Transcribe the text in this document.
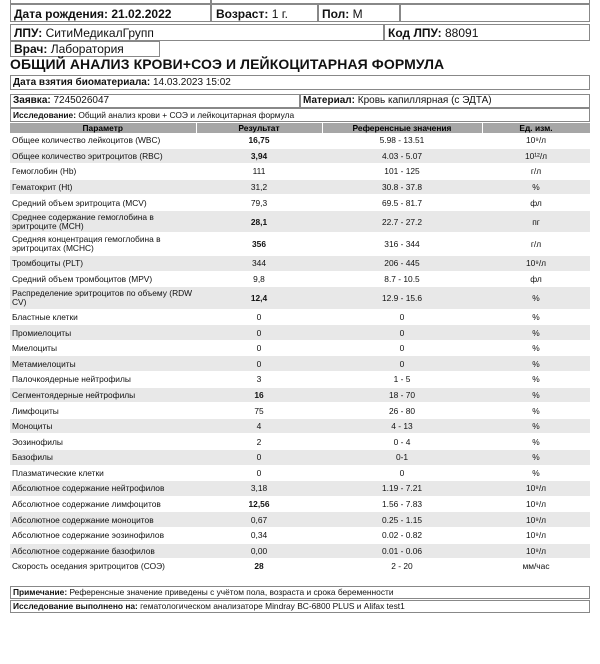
Дата рождения: 21.02.2022	Возраст: 1 г.	Пол: М
ЛПУ: СитиМедикалГрупп	Код ЛПУ: 88091
Врач: Лаборатория
ОБЩИЙ АНАЛИЗ КРОВИ+СОЭ И ЛЕЙКОЦИТАРНАЯ ФОРМУЛА
Дата взятия биоматериала: 14.03.2023 15:02
Заявка: 7245026047	Материал: Кровь капиллярная (с ЭДТА)
Исследование: Общий анализ крови + СОЭ и лейкоцитарная формула
Параметр	Результат	Референсные значения	Ед. изм.
Общее количество лейкоцитов (WBC)	16,75	5.98 - 13.51	10⁹/л
Общее количество эритроцитов (RBC)	3,94	4.03 - 5.07	10¹²/л
Гемоглобин (Hb)	111	101 - 125	г/л
Гематокрит (Ht)	31,2	30.8 - 37.8	%
Средний объем эритроцита (MCV)	79,3	69.5 - 81.7	фл
Среднее содержание гемоглобина в эритроците (MCH)	28,1	22.7 - 27.2	пг
Средняя концентрация гемоглобина в эритроцитах (MCHC)	356	316 - 344	г/л
Тромбоциты (PLT)	344	206 - 445	10⁹/л
Средний объем тромбоцитов (MPV)	9,8	8.7 - 10.5	фл
Распределение эритроцитов по объему (RDW CV)	12,4	12.9 - 15.6	%
Бластные клетки	0	0	%
Промиелоциты	0	0	%
Миелоциты	0	0	%
Метамиелоциты	0	0	%
Палочкоядерные нейтрофилы	3	1 - 5	%
Сегментоядерные нейтрофилы	16	18 - 70	%
Лимфоциты	75	26 - 80	%
Моноциты	4	4 - 13	%
Эозинофилы	2	0 - 4	%
Базофилы	0	0-1	%
Плазматические клетки	0	0	%
Абсолютное содержание нейтрофилов	3,18	1.19 - 7.21	10⁹/л
Абсолютное содержание лимфоцитов	12,56	1.56 - 7.83	10⁹/л
Абсолютное содержание моноцитов	0,67	0.25 - 1.15	10⁹/л
Абсолютное содержание эозинофилов	0,34	0.02 - 0.82	10⁹/л
Абсолютное содержание базофилов	0,00	0.01 - 0.06	10⁹/л
Скорость оседания эритроцитов (СОЭ)	28	2 - 20	мм/час
Примечание: Референсные значение приведены с учётом пола, возраста и срока беременности
Исследование выполнено на: гематологическом анализаторе Mindray BC-6800 PLUS и Alifax test1
